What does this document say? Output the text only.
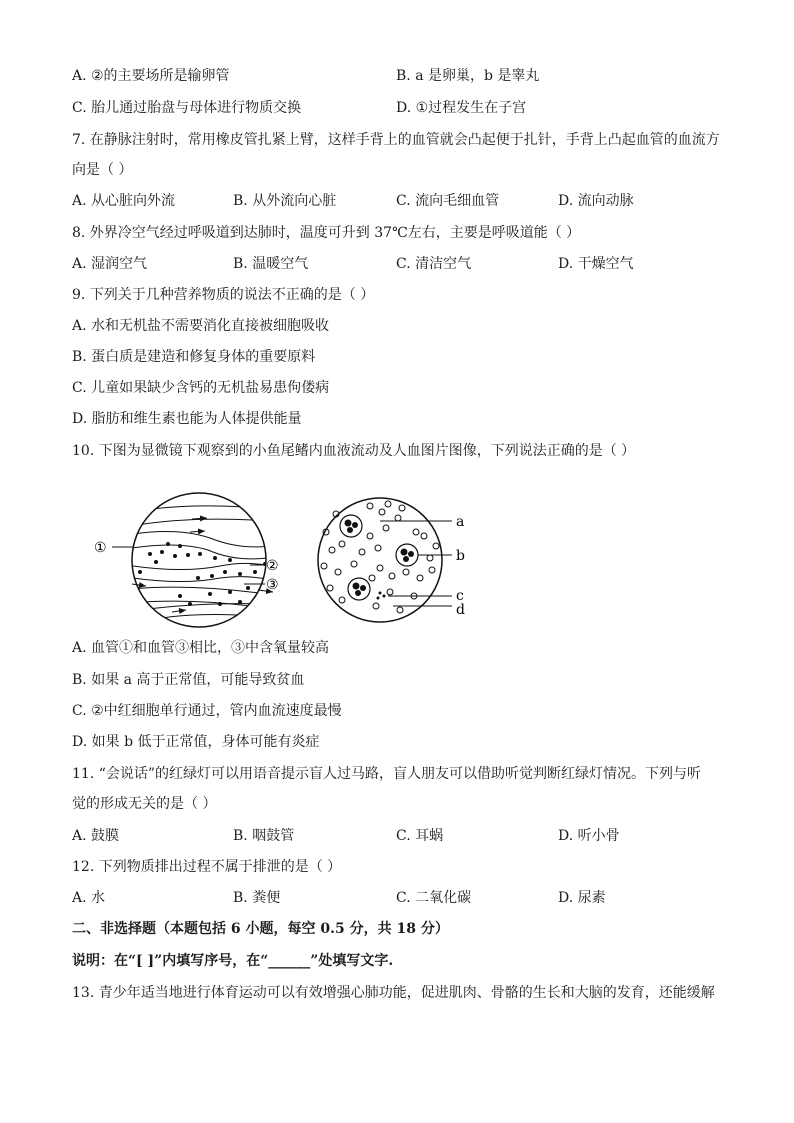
A. ②的主要场所是输卵管	B. a 是卵巢，b 是睾丸
C. 胎儿通过胎盘与母体进行物质交换	D. ①过程发生在子宫
7. 在静脉注射时，常用橡皮管扎紧上臂，这样手背上的血管就会凸起便于扎针，手背上凸起血管的血流方
向是（ ）
A. 从心脏向外流	B. 从外流向心脏	C. 流向毛细血管	D. 流向动脉
8. 外界冷空气经过呼吸道到达肺时，温度可升到 37℃左右，主要是呼吸道能（ ）
A. 湿润空气	B. 温暖空气	C. 清洁空气	D. 干燥空气
9. 下列关于几种营养物质的说法不正确的是（ ）
A. 水和无机盐不需要消化直接被细胞吸收
B. 蛋白质是建造和修复身体的重要原料
C. 儿童如果缺少含钙的无机盐易患佝偻病
D. 脂肪和维生素也能为人体提供能量
10. 下图为显微镜下观察到的小鱼尾鳍内血液流动及人血图片图像，下列说法正确的是（ ）
①
②
③
a
b
c
d
A. 血管①和血管③相比，③中含氧量较高
B. 如果 a 高于正常值，可能导致贫血
C. ②中红细胞单行通过，管内血流速度最慢
D. 如果 b 低于正常值，身体可能有炎症
11. “会说话”的红绿灯可以用语音提示盲人过马路，盲人朋友可以借助听觉判断红绿灯情况。下列与听
觉的形成无关的是（ ）
A. 鼓膜	B. 咽鼓管	C. 耳蜗	D. 听小骨
12. 下列物质排出过程不属于排泄的是（ ）
A. 水	B. 粪便	C. 二氧化碳	D. 尿素
二、非选择题（本题包括 6 小题，每空 0.5 分，共 18 分）
说明：在“[ ]”内填写序号，在“______”处填写文字.
13. 青少年适当地进行体育运动可以有效增强心肺功能，促进肌肉、骨骼的生长和大脑的发育，还能缓解
